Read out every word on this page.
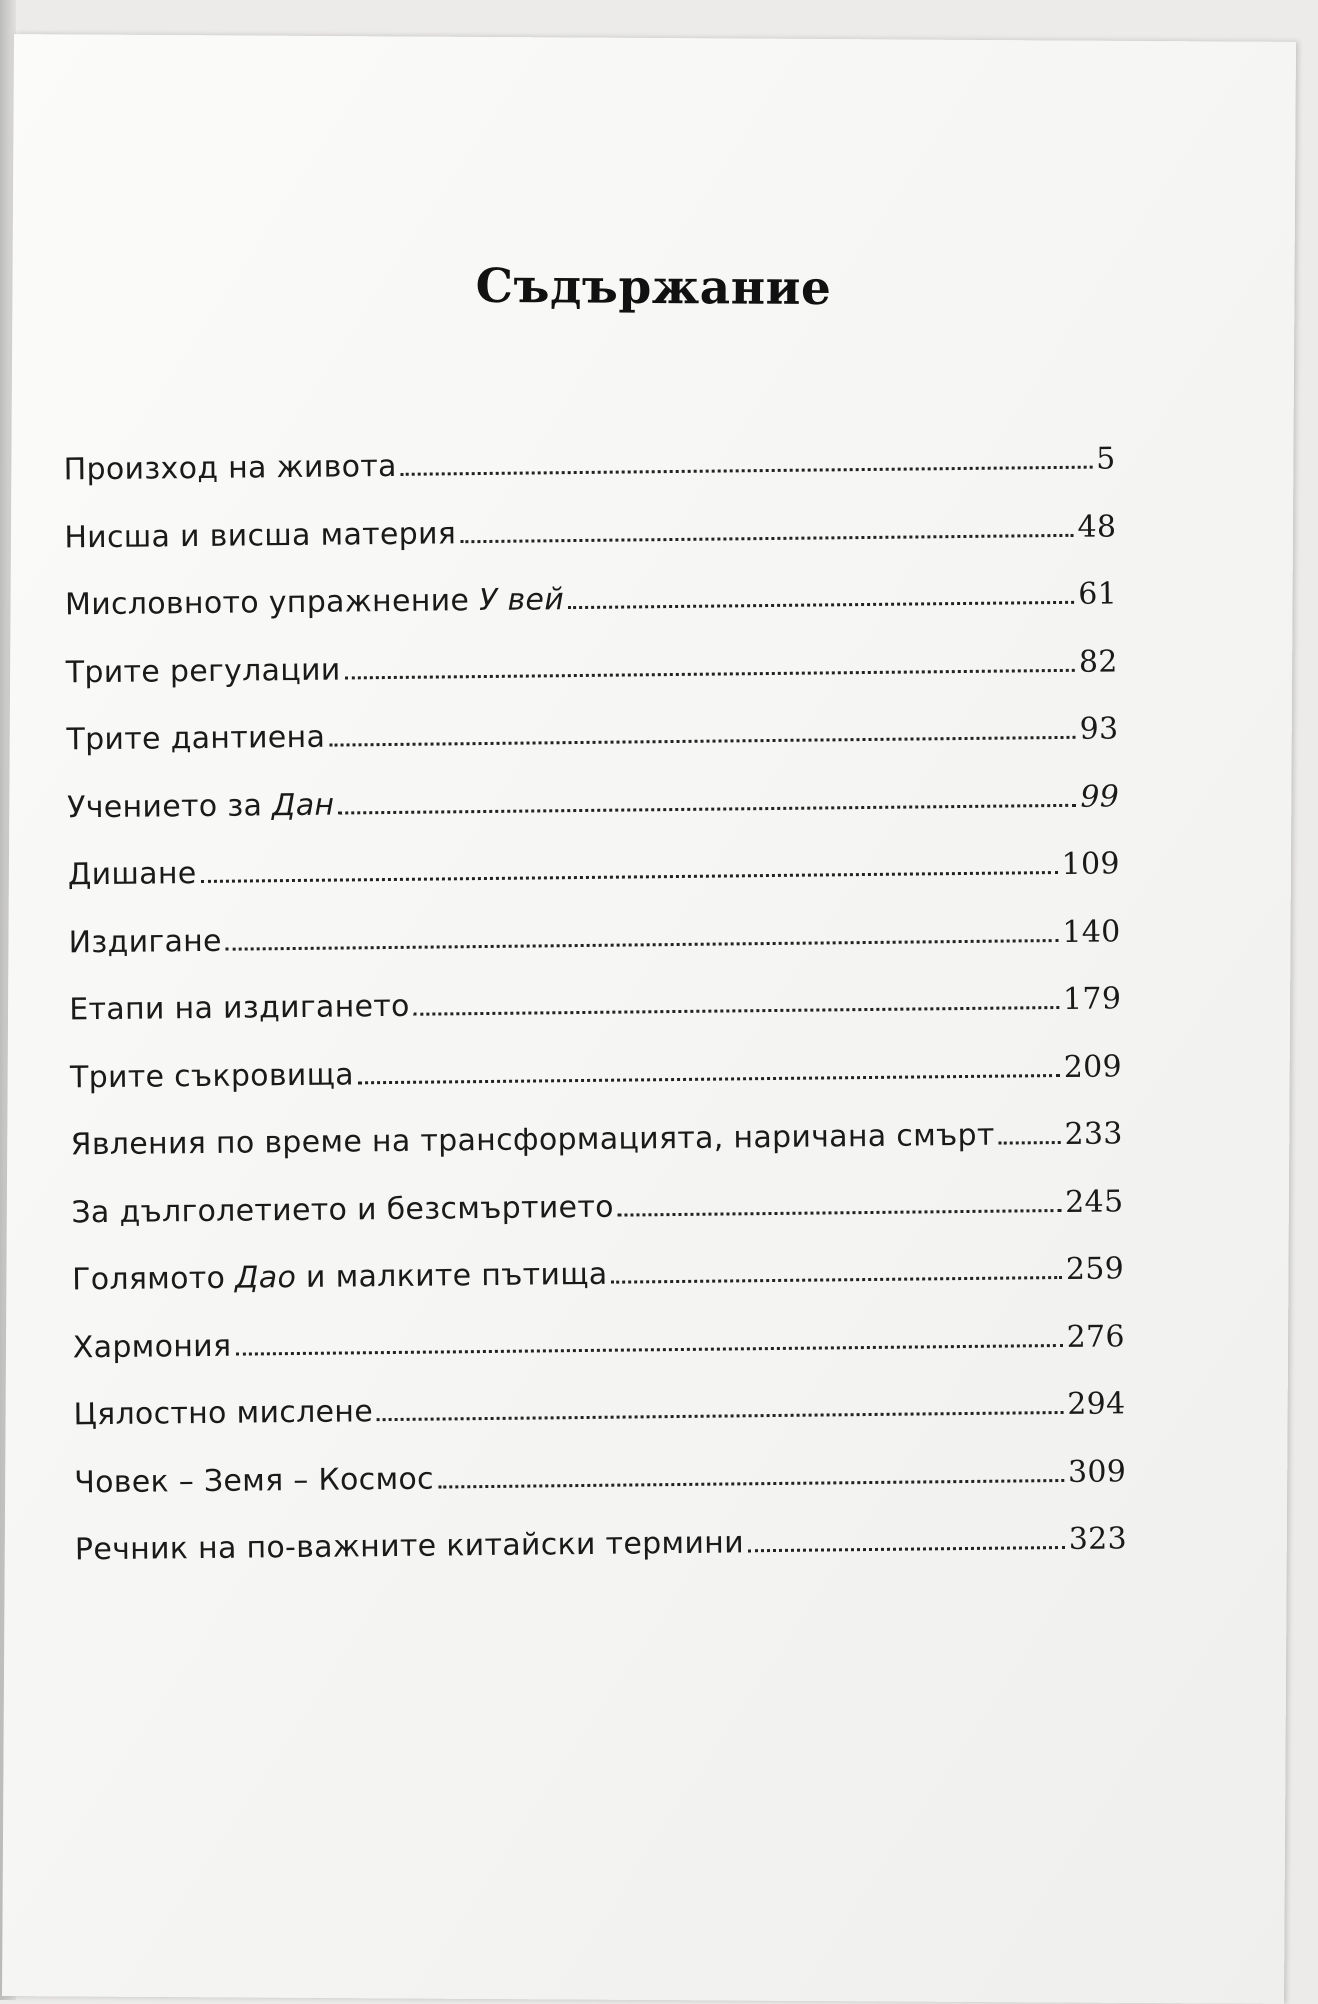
Съдържание
Произход на живота	5
Нисша и висша материя	48
Мисловното упражнение У вей	61
Трите регулации	82
Трите дантиена	93
Учението за Дан	99
Дишане	109
Издигане	140
Етапи на издигането	179
Трите съкровища	209
Явления по време на трансформацията, наричана смърт 233
За дълголетието и безсмъртието	245
Голямото Дао и малките пътища	259
Хармония	276
Цялостно мислене	294
Човек – Земя – Космос	309
Речник на по-важните китайски термини	323
